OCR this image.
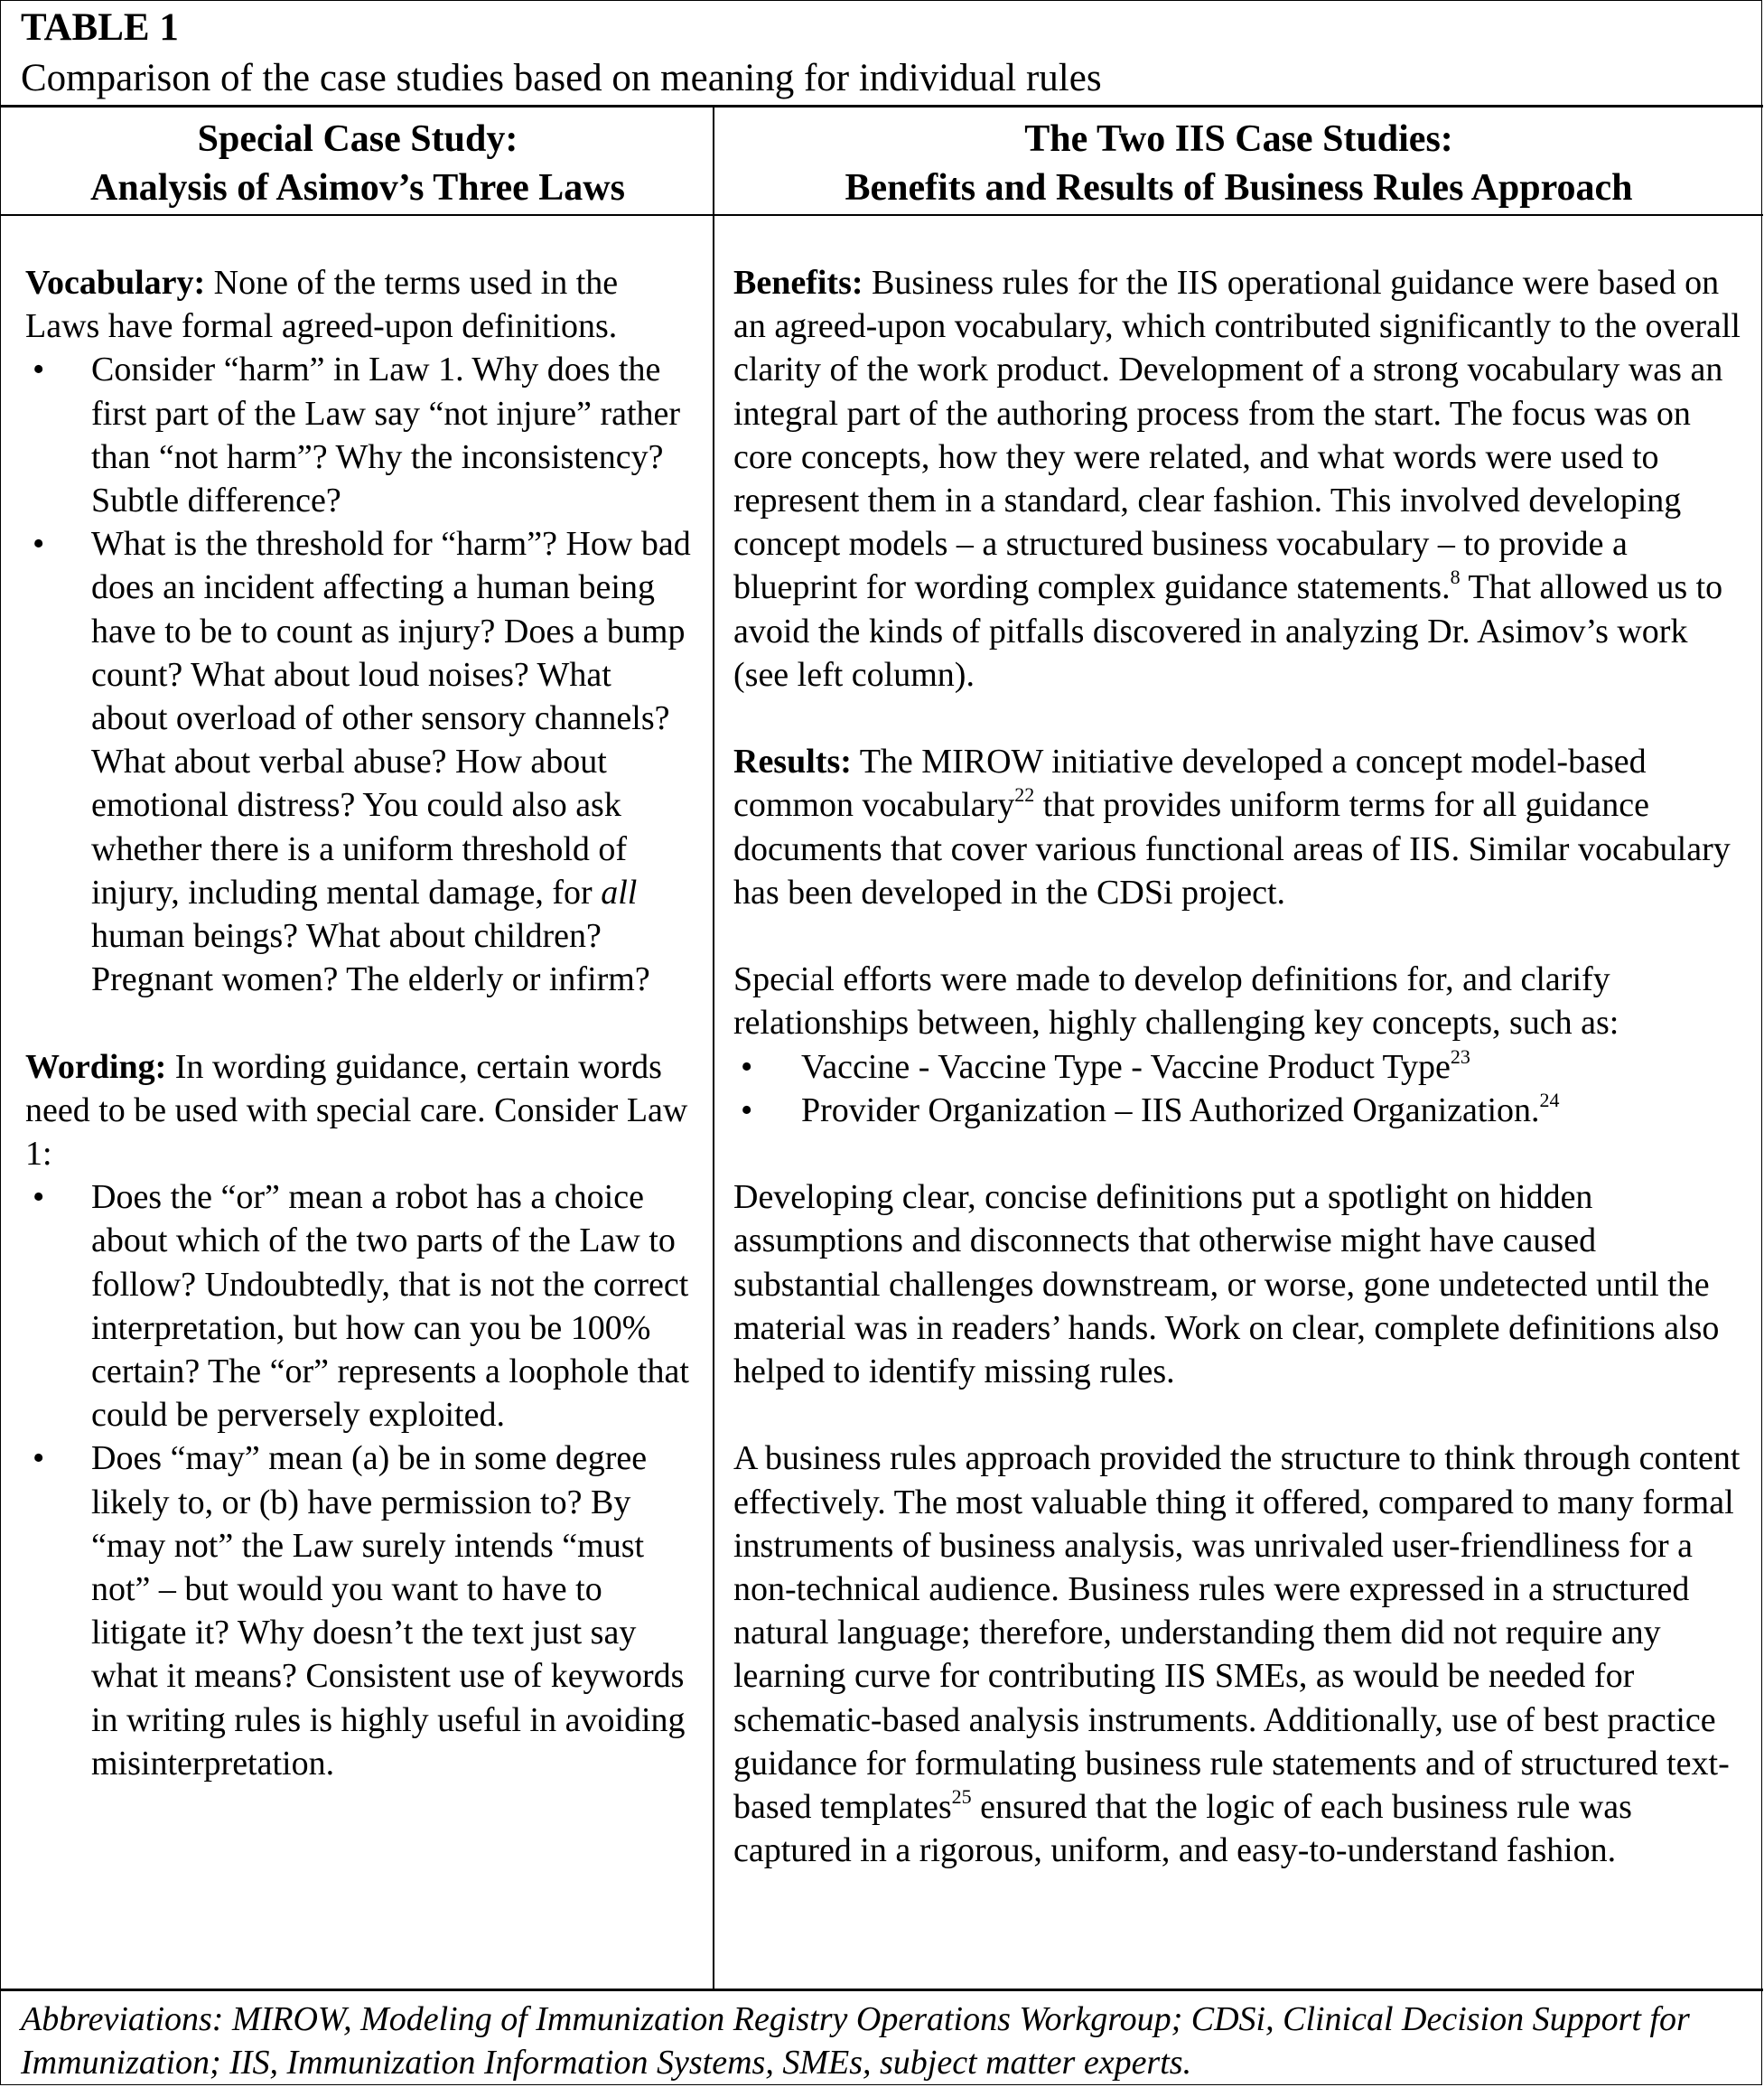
TABLE 1
Comparison of the case studies based on meaning for individual rules
Special Case Study:
Analysis of Asimov’s Three Laws
The Two IIS Case Studies:
Benefits and Results of Business Rules Approach

Vocabulary: None of the terms used in the Laws have formal agreed-upon definitions.

• Consider “harm” in Law 1. Why does the first part of the Law say “not injure” rather than “not harm”? Why the inconsistency? Subtle difference?
• What is the threshold for “harm”? How bad does an incident affecting a human being have to be to count as injury? Does a bump count? What about loud noises? What about overload of other sensory channels? What about verbal abuse? How about emotional distress? You could also ask whether there is a uniform threshold of injury, including mental damage, for all human beings? What about children? Pregnant women? The elderly or infirm?

Wording: In wording guidance, certain words need to be used with special care. Consider Law 1:

• Does the “or” mean a robot has a choice about which of the two parts of the Law to follow? Undoubtedly, that is not the correct interpretation, but how can you be 100% certain? The “or” represents a loophole that could be perversely exploited.
• Does “may” mean (a) be in some degree likely to, or (b) have permission to? By “may not” the Law surely intends “must not” – but would you want to have to litigate it? Why doesn’t the text just say what it means? Consistent use of keywords in writing rules is highly useful in avoiding misinterpretation.

Benefits: Business rules for the IIS operational guidance were based on an agreed-upon vocabulary, which contributed significantly to the overall clarity of the work product. Development of a strong vocabulary was an integral part of the authoring process from the start. The focus was on core concepts, how they were related, and what words were used to represent them in a standard, clear fashion. This involved developing concept models – a structured business vocabulary – to provide a blueprint for wording complex guidance statements.$^8$ That allowed us to avoid the kinds of pitfalls discovered in analyzing Dr. Asimov’s work (see left column).

Results: The MIROW initiative developed a concept model-based common vocabulary$^{22}$ that provides uniform terms for all guidance documents that cover various functional areas of IIS. Similar vocabulary has been developed in the CDSi project.

Special efforts were made to develop definitions for, and clarify relationships between, highly challenging key concepts, such as:

• Vaccine - Vaccine Type - Vaccine Product Type$^{23}$
• Provider Organization – IIS Authorized Organization.$^{24}$

Developing clear, concise definitions put a spotlight on hidden assumptions and disconnects that otherwise might have caused substantial challenges downstream, or worse, gone undetected until the material was in readers’ hands. Work on clear, complete definitions also helped to identify missing rules.

A business rules approach provided the structure to think through content effectively. The most valuable thing it offered, compared to many formal instruments of business analysis, was unrivaled user-friendliness for a non-technical audience. Business rules were expressed in a structured natural language; therefore, understanding them did not require any learning curve for contributing IIS SMEs, as would be needed for schematic-based analysis instruments. Additionally, use of best practice guidance for formulating business rule statements and of structured text-based templates$^{25}$ ensured that the logic of each business rule was captured in a rigorous, uniform, and easy-to-understand fashion.

Abbreviations: MIROW, Modeling of Immunization Registry Operations Workgroup; CDSi, Clinical Decision Support for Immunization; IIS, Immunization Information Systems, SMEs, subject matter experts.
